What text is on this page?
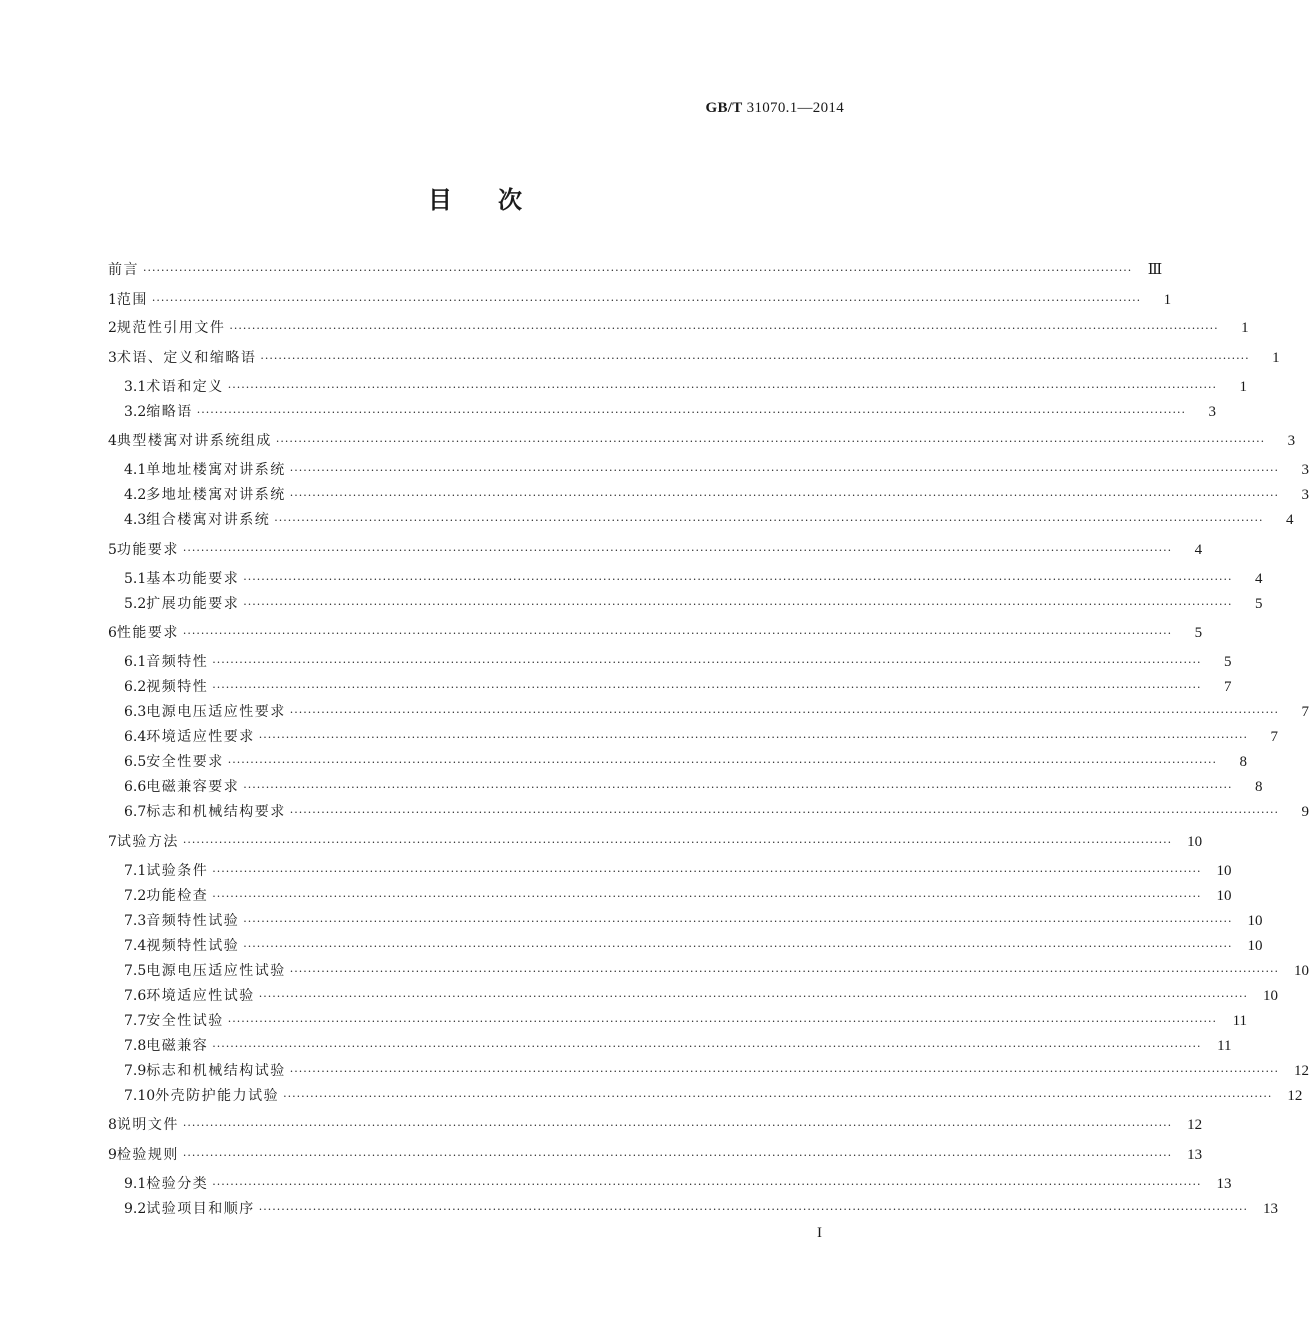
GB/T 31070.1—2014
目次
前言 ····························································································································································································································	Ⅲ
1 范围 ····························································································································································································································	1
2 规范性引用文件 ····························································································································································································································	1
3 术语、定义和缩略语 ····························································································································································································································	1
3.1 术语和定义 ····························································································································································································································	1
3.2 缩略语 ····························································································································································································································	3
4 典型楼寓对讲系统组成 ····························································································································································································································	3
4.1 单地址楼寓对讲系统 ····························································································································································································································	3
4.2 多地址楼寓对讲系统 ····························································································································································································································	3
4.3 组合楼寓对讲系统 ····························································································································································································································	4
5 功能要求 ····························································································································································································································	4
5.1 基本功能要求 ····························································································································································································································	4
5.2 扩展功能要求 ····························································································································································································································	5
6 性能要求 ····························································································································································································································	5
6.1 音频特性 ····························································································································································································································	5
6.2 视频特性 ····························································································································································································································	7
6.3 电源电压适应性要求 ····························································································································································································································	7
6.4 环境适应性要求 ····························································································································································································································	7
6.5 安全性要求 ····························································································································································································································	8
6.6 电磁兼容要求 ····························································································································································································································	8
6.7 标志和机械结构要求 ····························································································································································································································	9
7 试验方法 ····························································································································································································································	10
7.1 试验条件 ····························································································································································································································	10
7.2 功能检查 ····························································································································································································································	10
7.3 音频特性试验 ····························································································································································································································	10
7.4 视频特性试验 ····························································································································································································································	10
7.5 电源电压适应性试验 ····························································································································································································································	10
7.6 环境适应性试验 ····························································································································································································································	10
7.7 安全性试验 ····························································································································································································································	11
7.8 电磁兼容 ····························································································································································································································	11
7.9 标志和机械结构试验 ····························································································································································································································	12
7.10 外壳防护能力试验 ····························································································································································································································	12
8 说明文件 ····························································································································································································································	12
9 检验规则 ····························································································································································································································	13
9.1 检验分类 ····························································································································································································································	13
9.2 试验项目和顺序 ····························································································································································································································	13
I
